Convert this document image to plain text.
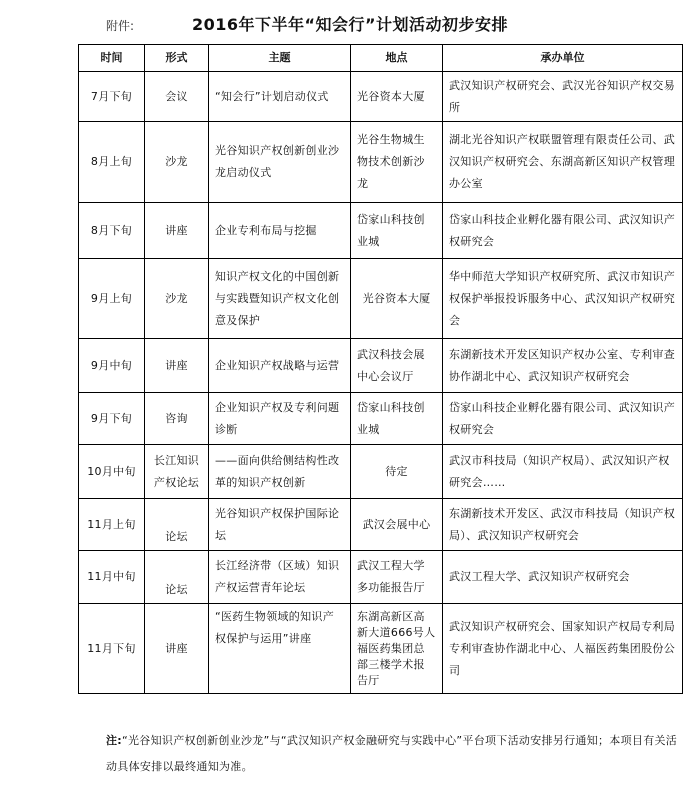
附件:	2016年下半年“知会行”计划活动初步安排
时间	形式	主题	地点	承办单位
7月下旬	会议	“知会行”计划启动仪式	光谷资本大厦	武汉知识产权研究会、武汉光谷知识产权交易所
8月上旬	沙龙	光谷知识产权创新创业沙龙启动仪式	光谷生物城生物技术创新沙龙	湖北光谷知识产权联盟管理有限责任公司、武汉知识产权研究会、东湖高新区知识产权管理办公室
8月下旬	讲座	企业专利布局与挖掘	岱家山科技创业城	岱家山科技企业孵化器有限公司、武汉知识产权研究会
9月上旬	沙龙	知识产权文化的中国创新与实践暨知识产权文化创意及保护	光谷资本大厦	华中师范大学知识产权研究所、武汉市知识产权保护举报投诉服务中心、武汉知识产权研究会
9月中旬	讲座	企业知识产权战略与运营	武汉科技会展中心会议厅	东湖新技术开发区知识产权办公室、专利审查协作湖北中心、武汉知识产权研究会
9月下旬	咨询	企业知识产权及专利问题诊断	岱家山科技创业城	岱家山科技企业孵化器有限公司、武汉知识产权研究会
10月中旬	长江知识产权论坛	——面向供给侧结构性改革的知识产权创新	待定	武汉市科技局（知识产权局）、武汉知识产权研究会……
11月上旬	论坛	光谷知识产权保护国际论坛	武汉会展中心	东湖新技术开发区、武汉市科技局（知识产权局）、武汉知识产权研究会
11月中旬	论坛	长江经济带（区域）知识产权运营青年论坛	武汉工程大学多功能报告厅	武汉工程大学、武汉知识产权研究会
11月下旬	讲座	“医药生物领域的知识产权保护与运用”讲座	东湖高新区高新大道666号人福医药集团总部三楼学术报告厅	武汉知识产权研究会、国家知识产权局专利局专利审查协作湖北中心、人福医药集团股份公司
注:“光谷知识产权创新创业沙龙”与“武汉知识产权金融研究与实践中心”平台项下活动安排另行通知；本项目有关活动具体安排以最终通知为准。
